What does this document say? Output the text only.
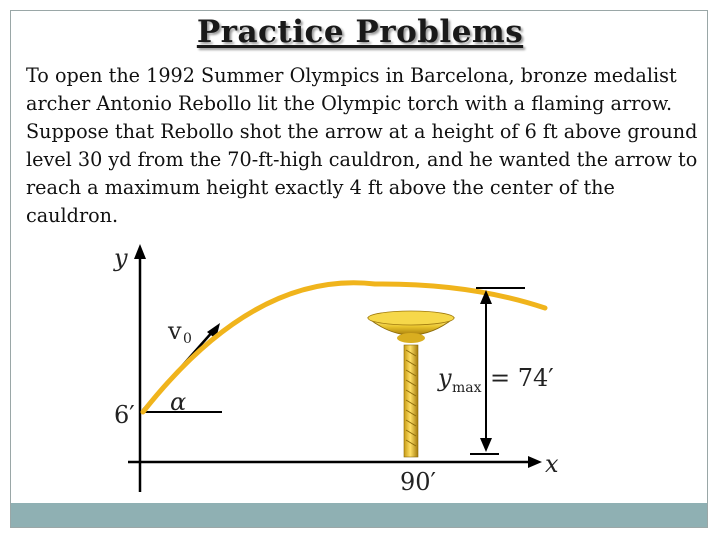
Practice Problems

To open the 1992 Summer Olympics in Barcelona, bronze medalist archer Antonio Rebollo lit the Olympic torch with a flaming arrow. Suppose that Rebollo shot the arrow at a height of 6 ft above ground level 30 yd from the 70-ft-high cauldron, and he wanted the arrow to reach a maximum height exactly 4 ft above the center of the cauldron.

y
x
v 0
α
6′
90′
y max = 74′
